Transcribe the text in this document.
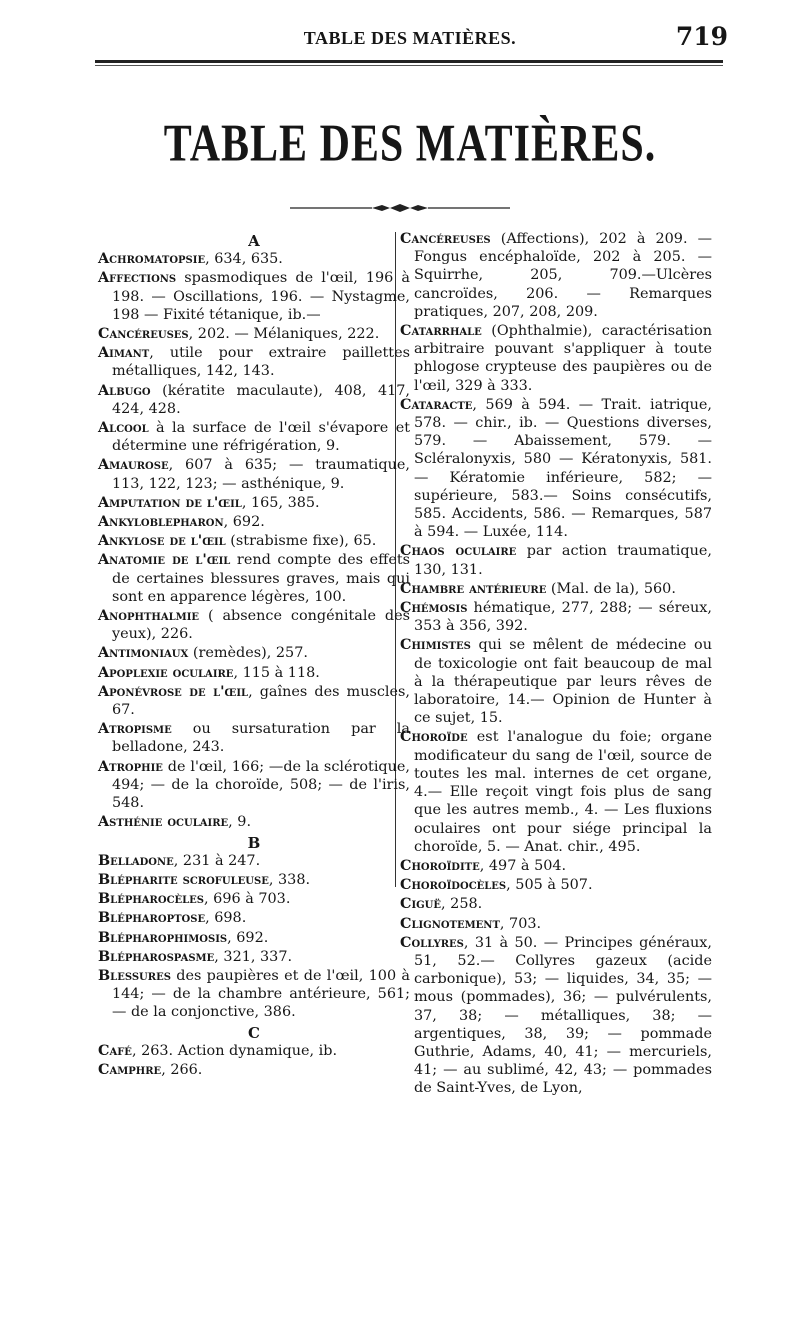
TABLE DES MATIÈRES.	719
TABLE DES MATIÈRES.
A

Achromatopsie, 634, 635.

Affections spasmodiques de l'œil, 196 à 198. — Oscillations, 196. — Nystagme, 198 — Fixité tétanique, ib.—

Cancéreuses, 202. — Mélaniques, 222.

Aimant, utile pour extraire paillettes métalliques, 142, 143.

Albugo (kératite maculaute), 408, 417, 424, 428.

Alcool à la surface de l'œil s'évapore et détermine une réfrigération, 9.

Amaurose, 607 à 635; — traumatique, 113, 122, 123; — asthénique, 9.

Amputation de l'œil, 165, 385.

Ankyloblepharon, 692.

Ankylose de l'œil (strabisme fixe), 65.

Anatomie de l'œil rend compte des effets de certaines blessures graves, mais qui sont en apparence légères, 100.

Anophthalmie ( absence congénitale des yeux), 226.

Antimoniaux (remèdes), 257.

Apoplexie oculaire, 115 à 118.

Aponévrose de l'œil, gaînes des muscles, 67.

Atropisme ou sursaturation par la belladone, 243.

Atrophie de l'œil, 166; —de la sclérotique, 494; — de la choroïde, 508; — de l'iris, 548.

Asthénie oculaire, 9.

B

Belladone, 231 à 247.

Blépharite scrofuleuse, 338.

Blépharocèles, 696 à 703.

Blépharoptose, 698.

Blépharophimosis, 692.

Blépharospasme, 321, 337.

Blessures des paupières et de l'œil, 100 à 144; — de la chambre antérieure, 561; — de la conjonctive, 386.

C

Café, 263. Action dynamique, ib.

Camphre, 266.

Cancéreuses (Affections), 202 à 209. — Fongus encéphaloïde, 202 à 205. —Squirrhe, 205, 709.—Ulcères cancroïdes, 206. — Remarques pratiques, 207, 208, 209.

Catarrhale (Ophthalmie), caractérisation arbitraire pouvant s'appliquer à toute phlogose crypteuse des paupières ou de l'œil, 329 à 333.

Cataracte, 569 à 594. — Trait. iatrique, 578. — chir., ib. — Questions diverses, 579. — Abaissement, 579. — Scléralonyxis, 580 — Kératonyxis, 581. — Kératomie inférieure, 582; — supérieure, 583.— Soins consécutifs, 585. Accidents, 586. — Remarques, 587 à 594. — Luxée, 114.

Chaos oculaire par action traumatique, 130, 131.

Chambre antérieure (Mal. de la), 560.

Chémosis hématique, 277, 288; — séreux, 353 à 356, 392.

Chimistes qui se mêlent de médecine ou de toxicologie ont fait beaucoup de mal à la thérapeutique par leurs rêves de laboratoire, 14.— Opinion de Hunter à ce sujet, 15.

Choroïde est l'analogue du foie; organe modificateur du sang de l'œil, source de toutes les mal. internes de cet organe, 4.— Elle reçoit vingt fois plus de sang que les autres memb., 4. — Les fluxions oculaires ont pour siége principal la choroïde, 5. — Anat. chir., 495.

Choroïdite, 497 à 504.

Choroïdocèles, 505 à 507.

Ciguë, 258.

Clignotement, 703.

Collyres, 31 à 50. — Principes généraux, 51, 52.— Collyres gazeux (acide carbonique), 53; — liquides, 34, 35; — mous (pommades), 36; — pulvérulents, 37, 38; — métalliques, 38; — argentiques, 38, 39; — pommade Guthrie, Adams, 40, 41; — mercuriels, 41; — au sublimé, 42, 43; — pommades de Saint-Yves, de Lyon,
